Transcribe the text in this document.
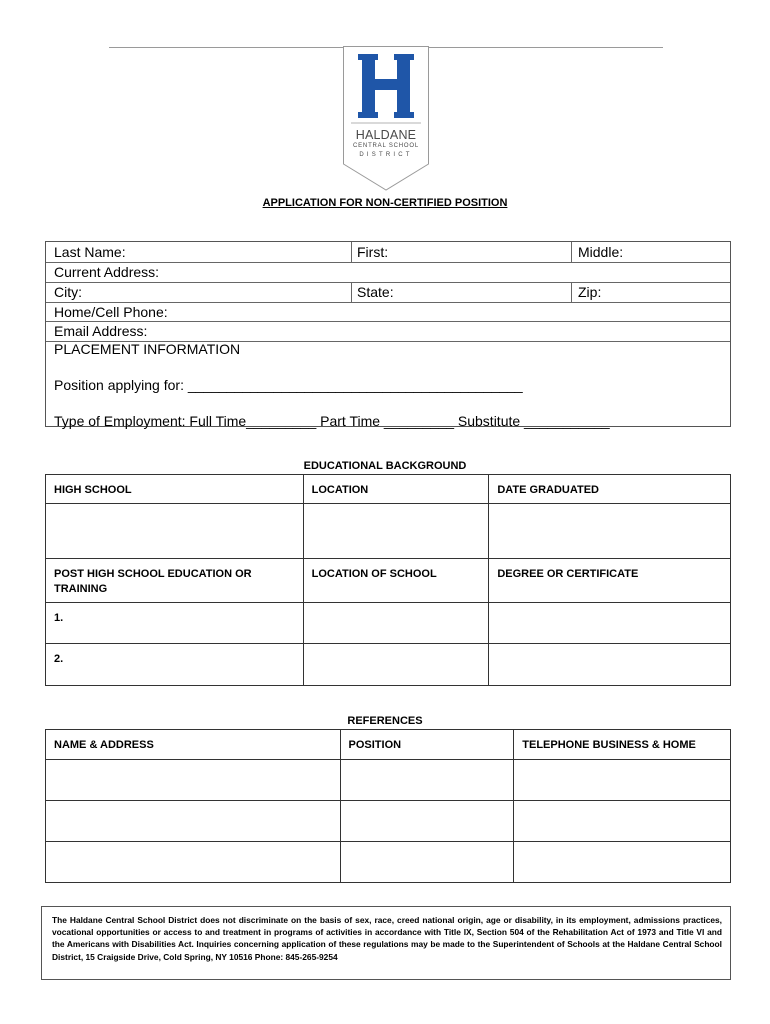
HALDANE
CENTRAL SCHOOL
DISTRICT
APPLICATION FOR NON-CERTIFIED POSITION
Last Name:	First:	Middle:
Current Address:
City:	State:	Zip:
Home/Cell Phone:
Email Address:
PLACEMENT INFORMATION
Position applying for: ___________________________________________
Type of Employment: Full Time_________ Part Time _________ Substitute ___________
EDUCATIONAL BACKGROUND
HIGH SCHOOL	LOCATION	DATE GRADUATED

POST HIGH SCHOOL EDUCATION OR TRAINING	LOCATION OF SCHOOL	DEGREE OR CERTIFICATE

1.		

2.		

REFERENCES
NAME & ADDRESS	POSITION	TELEPHONE BUSINESS & HOME

The Haldane Central School District does not discriminate on the basis of sex, race, creed national origin, age or disability, in its employment, admissions practices, vocational opportunities or access to and treatment in programs of activities in accordance with Title IX, Section 504 of the Rehabilitation Act of 1973 and Title VI and the Americans with Disabilities Act. Inquiries concerning application of these regulations may be made to the Superintendent of Schools at the Haldane Central School District, 15 Craigside Drive, Cold Spring, NY 10516 Phone: 845-265-9254
